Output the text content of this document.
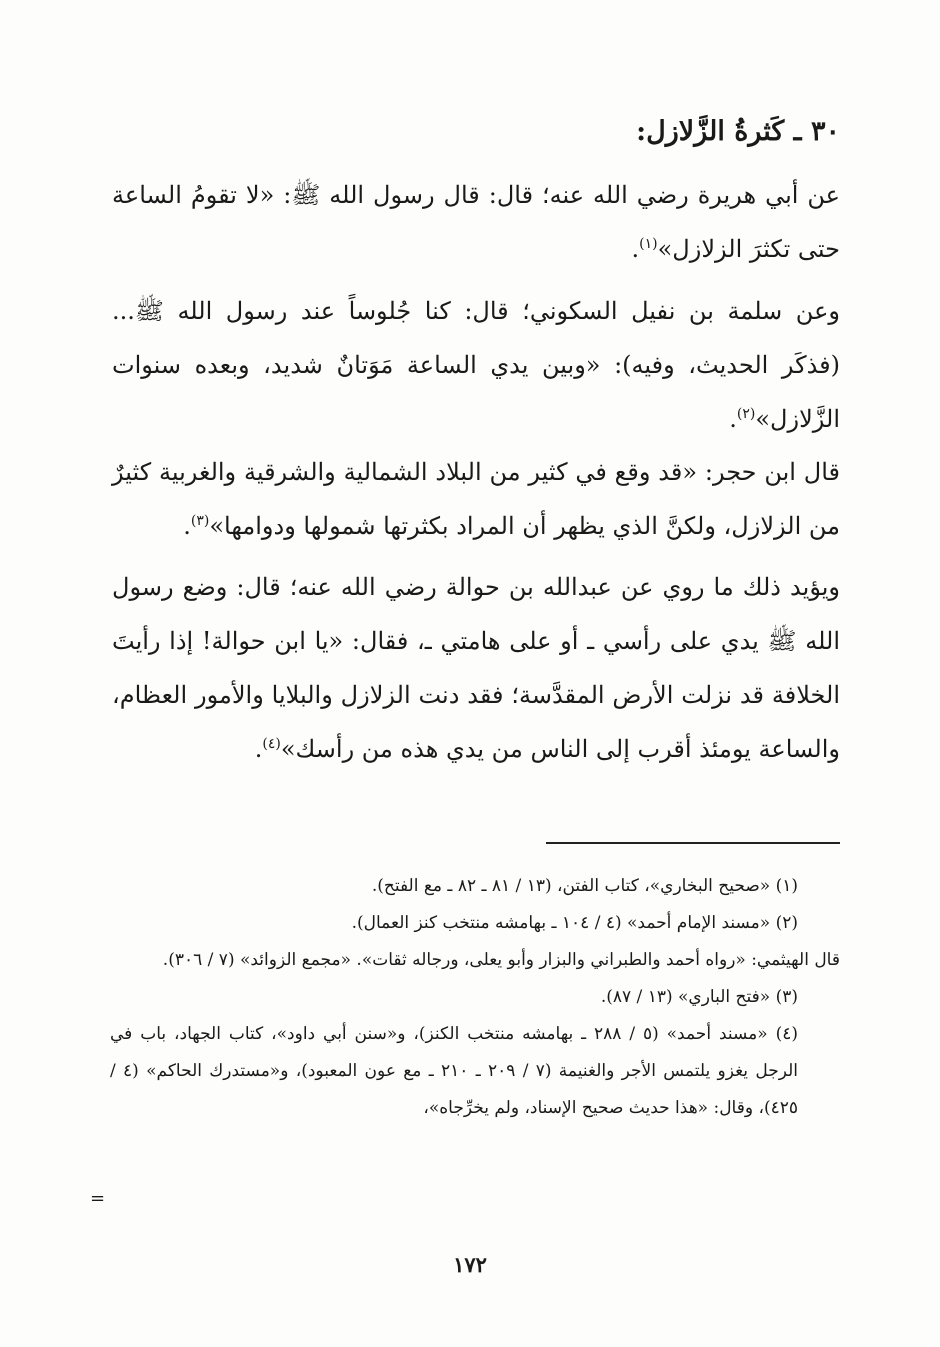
٣٠ ـ كَثرةُ الزَّلازل:

عن أبي هريرة رضي الله عنه؛ قال: قال رسول الله ﷺ: «لا تقومُ الساعة حتى تكثرَ الزلازل»$^{(١)}$.

وعن سلمة بن نفيل السكوني؛ قال: كنا جُلوساً عند رسول الله ﷺ... (فذكَر الحديث، وفيه): «وبين يدي الساعة مَوَتانٌ شديد، وبعده سنوات الزَّلازل»$^{(٢)}$.

قال ابن حجر: «قد وقع في كثير من البلاد الشمالية والشرقية والغربية كثيرٌ من الزلازل، ولكنَّ الذي يظهر أن المراد بكثرتها شمولها ودوامها»$^{(٣)}$.

ويؤيد ذلك ما روي عن عبدالله بن حوالة رضي الله عنه؛ قال: وضع رسول الله ﷺ يدي على رأسي ـ أو على هامتي ـ، فقال: «يا ابن حوالة! إذا رأيتَ الخلافة قد نزلت الأرض المقدَّسة؛ فقد دنت الزلازل والبلايا والأمور العظام، والساعة يومئذ أقرب إلى الناس من يدي هذه من رأسك»$^{(٤)}$.

(١) «صحيح البخاري»، كتاب الفتن، (١٣ / ٨١ ـ ٨٢ ـ مع الفتح).

(٢) «مسند الإمام أحمد» (٤ / ١٠٤ ـ بهامشه منتخب كنز العمال).

قال الهيثمي: «رواه أحمد والطبراني والبزار وأبو يعلى، ورجاله ثقات». «مجمع الزوائد» (٧ / ٣٠٦).

(٣) «فتح الباري» (١٣ / ٨٧).

(٤) «مسند أحمد» (٥ / ٢٨٨ ـ بهامشه منتخب الكنز)، و«سنن أبي داود»، كتاب الجهاد، باب في الرجل يغزو يلتمس الأجر والغنيمة (٧ / ٢٠٩ ـ ٢١٠ ـ مع عون المعبود)، و«مستدرك الحاكم» (٤ / ٤٢٥)، وقال: «هذا حديث صحيح الإسناد، ولم يخرِّجاه»،

=
١٧٢
